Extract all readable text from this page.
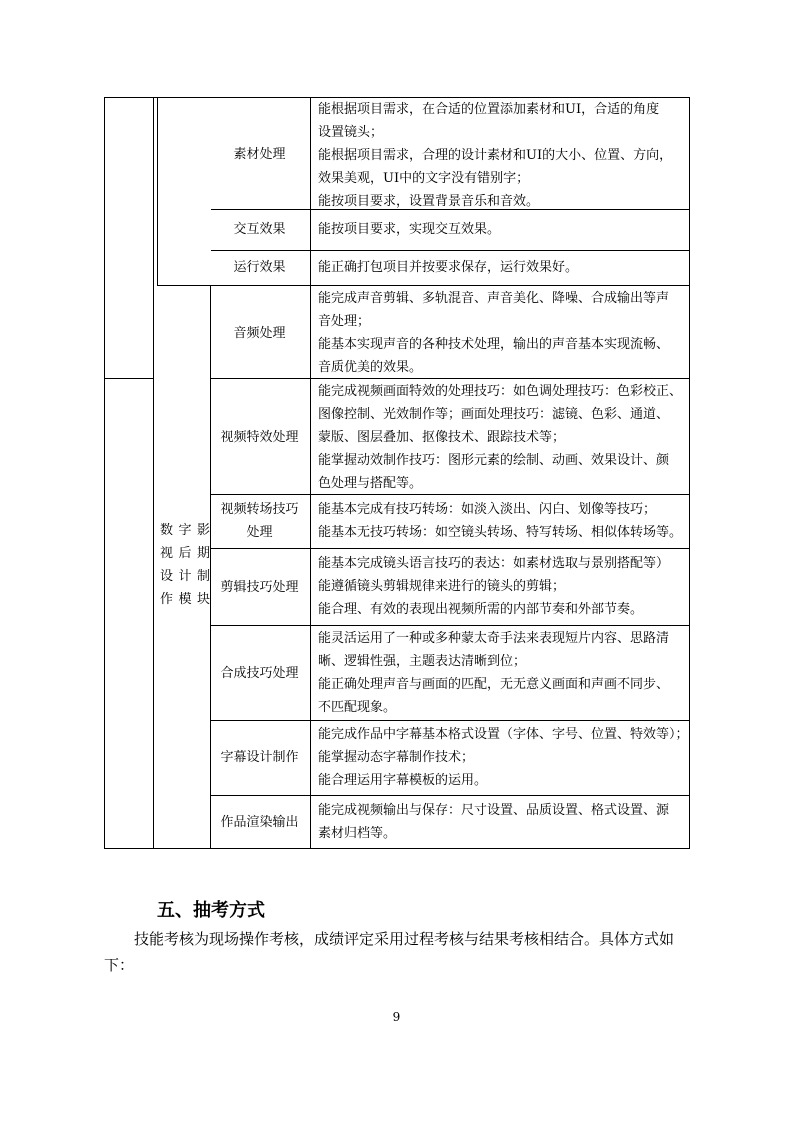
数字影
视后期
设计制
作模块
素材处理
能根据项目需求，在合适的位置添加素材和UI，合适的角度
设置镜头；
能根据项目需求，合理的设计素材和UI的大小、位置、方向，
效果美观，UI中的文字没有错别字；
能按项目要求，设置背景音乐和音效。
交互效果	能按项目要求，实现交互效果。
运行效果	能正确打包项目并按要求保存，运行效果好。
音频处理
能完成声音剪辑、多轨混音、声音美化、降噪、合成输出等声
音处理；
能基本实现声音的各种技术处理，输出的声音基本实现流畅、
音质优美的效果。
视频特效处理
能完成视频画面特效的处理技巧：如色调处理技巧：色彩校正、
图像控制、光效制作等；画面处理技巧：滤镜、色彩、通道、
蒙版、图层叠加、抠像技术、跟踪技术等；
能掌握动效制作技巧：图形元素的绘制、动画、效果设计、颜
色处理与搭配等。
视频转场技巧
处理
能基本完成有技巧转场：如淡入淡出、闪白、划像等技巧；
能基本无技巧转场：如空镜头转场、特写转场、相似体转场等。
剪辑技巧处理
能基本完成镜头语言技巧的表达：如素材选取与景别搭配等）
能遵循镜头剪辑规律来进行的镜头的剪辑；
能合理、有效的表现出视频所需的内部节奏和外部节奏。
合成技巧处理
能灵活运用了一种或多种蒙太奇手法来表现短片内容、思路清
晰、逻辑性强，主题表达清晰到位；
能正确处理声音与画面的匹配，无无意义画面和声画不同步、
不匹配现象。
字幕设计制作
能完成作品中字幕基本格式设置（字体、字号、位置、特效等）；
能掌握动态字幕制作技术；
能合理运用字幕模板的运用。
作品渲染输出
能完成视频输出与保存：尺寸设置、品质设置、格式设置、源
素材归档等。
五、抽考方式
技能考核为现场操作考核，成绩评定采用过程考核与结果考核相结合。具体方式如下：
9
